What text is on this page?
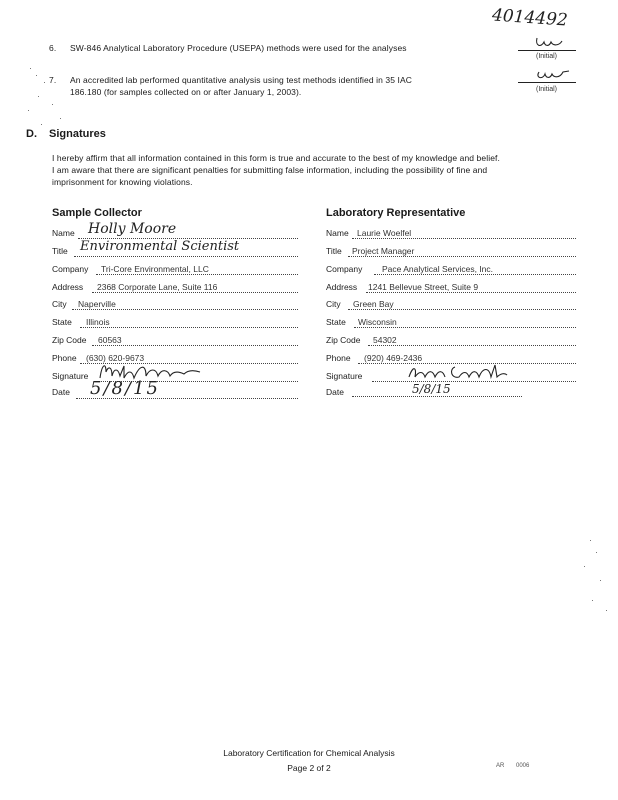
4014492
6. SW-846 Analytical Laboratory Procedure (USEPA) methods were used for the analyses
(Initial)
7. An accredited lab performed quantitative analysis using test methods identified in 35 IAC
186.180 (for samples collected on or after January 1, 2003).	(Initial)
D. Signatures
I hereby affirm that all information contained in this form is true and accurate to the best of my knowledge and belief.
I am aware that there are significant penalties for submitting false information, including the possibility of fine and
imprisonment for knowing violations.
Sample Collector
Name Holly Moore
Title Environmental Scientist
Company Tri-Core Environmental, LLC
Address 2368 Corporate Lane, Suite 116
City Naperville
State Illinois
Zip Code 60563
Phone (630) 620-9673
Signature
Date 5/8/15
Laboratory Representative
Name Laurie Woelfel
Title Project Manager
Company Pace Analytical Services, Inc.
Address 1241 Bellevue Street, Suite 9
City Green Bay
State Wisconsin
Zip Code 54302
Phone (920) 469-2436
Signature
Date	5/8/15
Laboratory Certification for Chemical Analysis
Page 2 of 2	AR 0006
